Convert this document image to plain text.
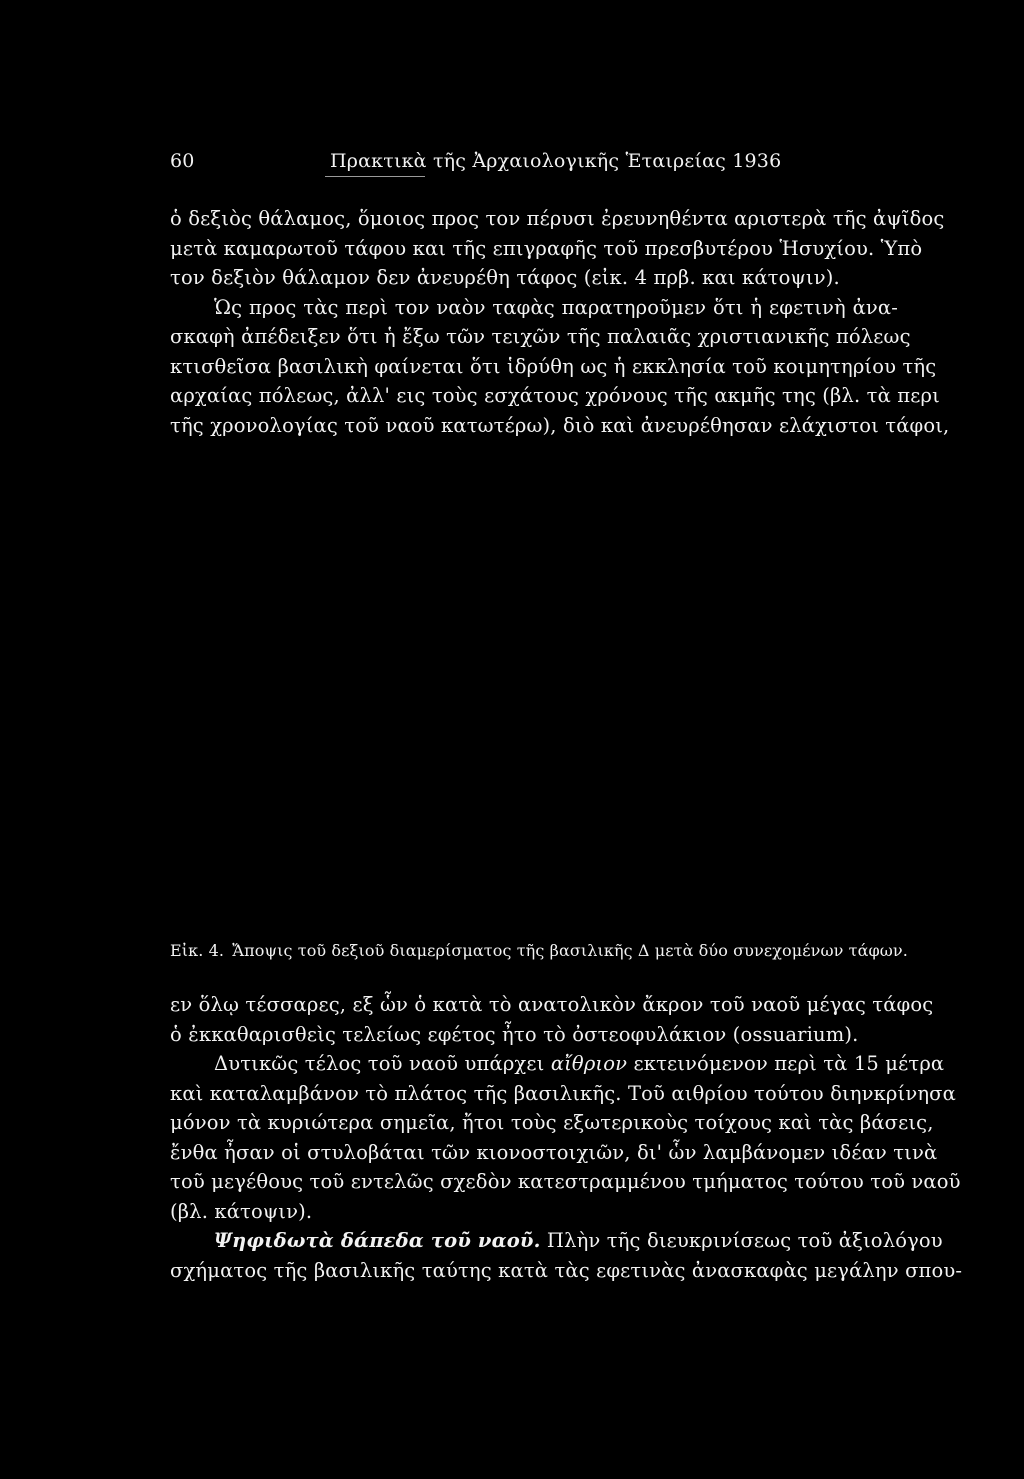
60	Πρακτικὰ τῆς Ἀρχαιολογικῆς Ἑταιρείας 1936
ὁ δεξιὸς θάλαμος, ὅμοιος προς τον πέρυσι ἐρευνηθέντα αριστερὰ τῆς ἀψῖδος
μετὰ καμαρωτοῦ τάφου και τῆς επιγραφῆς τοῦ πρεσβυτέρου Ἡσυχίου. Ὑπὸ
τον δεξιὸν θάλαμον δεν ἀνευρέθη τάφος (εἰκ. 4 πρβ. και κάτοψιν).
Ὡς προς τὰς περὶ τον ναὸν ταφὰς παρατηροῦμεν ὅτι ἡ εφετινὴ ἀνα-
σκαφὴ ἀπέδειξεν ὅτι ἡ ἔξω τῶν τειχῶν τῆς παλαιᾶς χριστιανικῆς πόλεως
κτισθεῖσα βασιλικὴ φαίνεται ὅτι ἱδρύθη ως ἡ εκκλησία τοῦ κοιμητηρίου τῆς
αρχαίας πόλεως, ἀλλ' εις τοὺς εσχάτους χρόνους τῆς ακμῆς της (βλ. τὰ περι
τῆς χρονολογίας τοῦ ναοῦ κατωτέρω), διὸ καὶ ἀνευρέθησαν ελάχιστοι τάφοι,
Εἰκ. 4. Ἄποψις τοῦ δεξιοῦ διαμερίσματος τῆς βασιλικῆς Δ μετὰ δύο συνεχομένων τάφων.
εν ὅλῳ τέσσαρες, εξ ὧν ὁ κατὰ τὸ ανατολικὸν ἄκρον τοῦ ναοῦ μέγας τάφος
ὁ ἐκκαθαρισθεὶς τελείως εφέτος ἦτο τὸ ὀστεοφυλάκιον (ossuarium).
Δυτικῶς τέλος τοῦ ναοῦ υπάρχει αἴθριον εκτεινόμενον περὶ τὰ 15 μέτρα
καὶ καταλαμβάνον τὸ πλάτος τῆς βασιλικῆς. Τοῦ αιθρίου τούτου διηνκρίνησα
μόνον τὰ κυριώτερα σημεῖα, ἤτοι τοὺς εξωτερικοὺς τοίχους καὶ τὰς βάσεις,
ἔνθα ἦσαν οἱ στυλοβάται τῶν κιονοστοιχιῶν, δι' ὧν λαμβάνομεν ιδέαν τινὰ
τοῦ μεγέθους τοῦ εντελῶς σχεδὸν κατεστραμμένου τμήματος τούτου τοῦ ναοῦ
(βλ. κάτοψιν).
Ψηφιδωτὰ δάπεδα τοῦ ναοῦ. Πλὴν τῆς διευκρινίσεως τοῦ ἀξιολόγου
σχήματος τῆς βασιλικῆς ταύτης κατὰ τὰς εφετινὰς ἀνασκαφὰς μεγάλην σπου-
